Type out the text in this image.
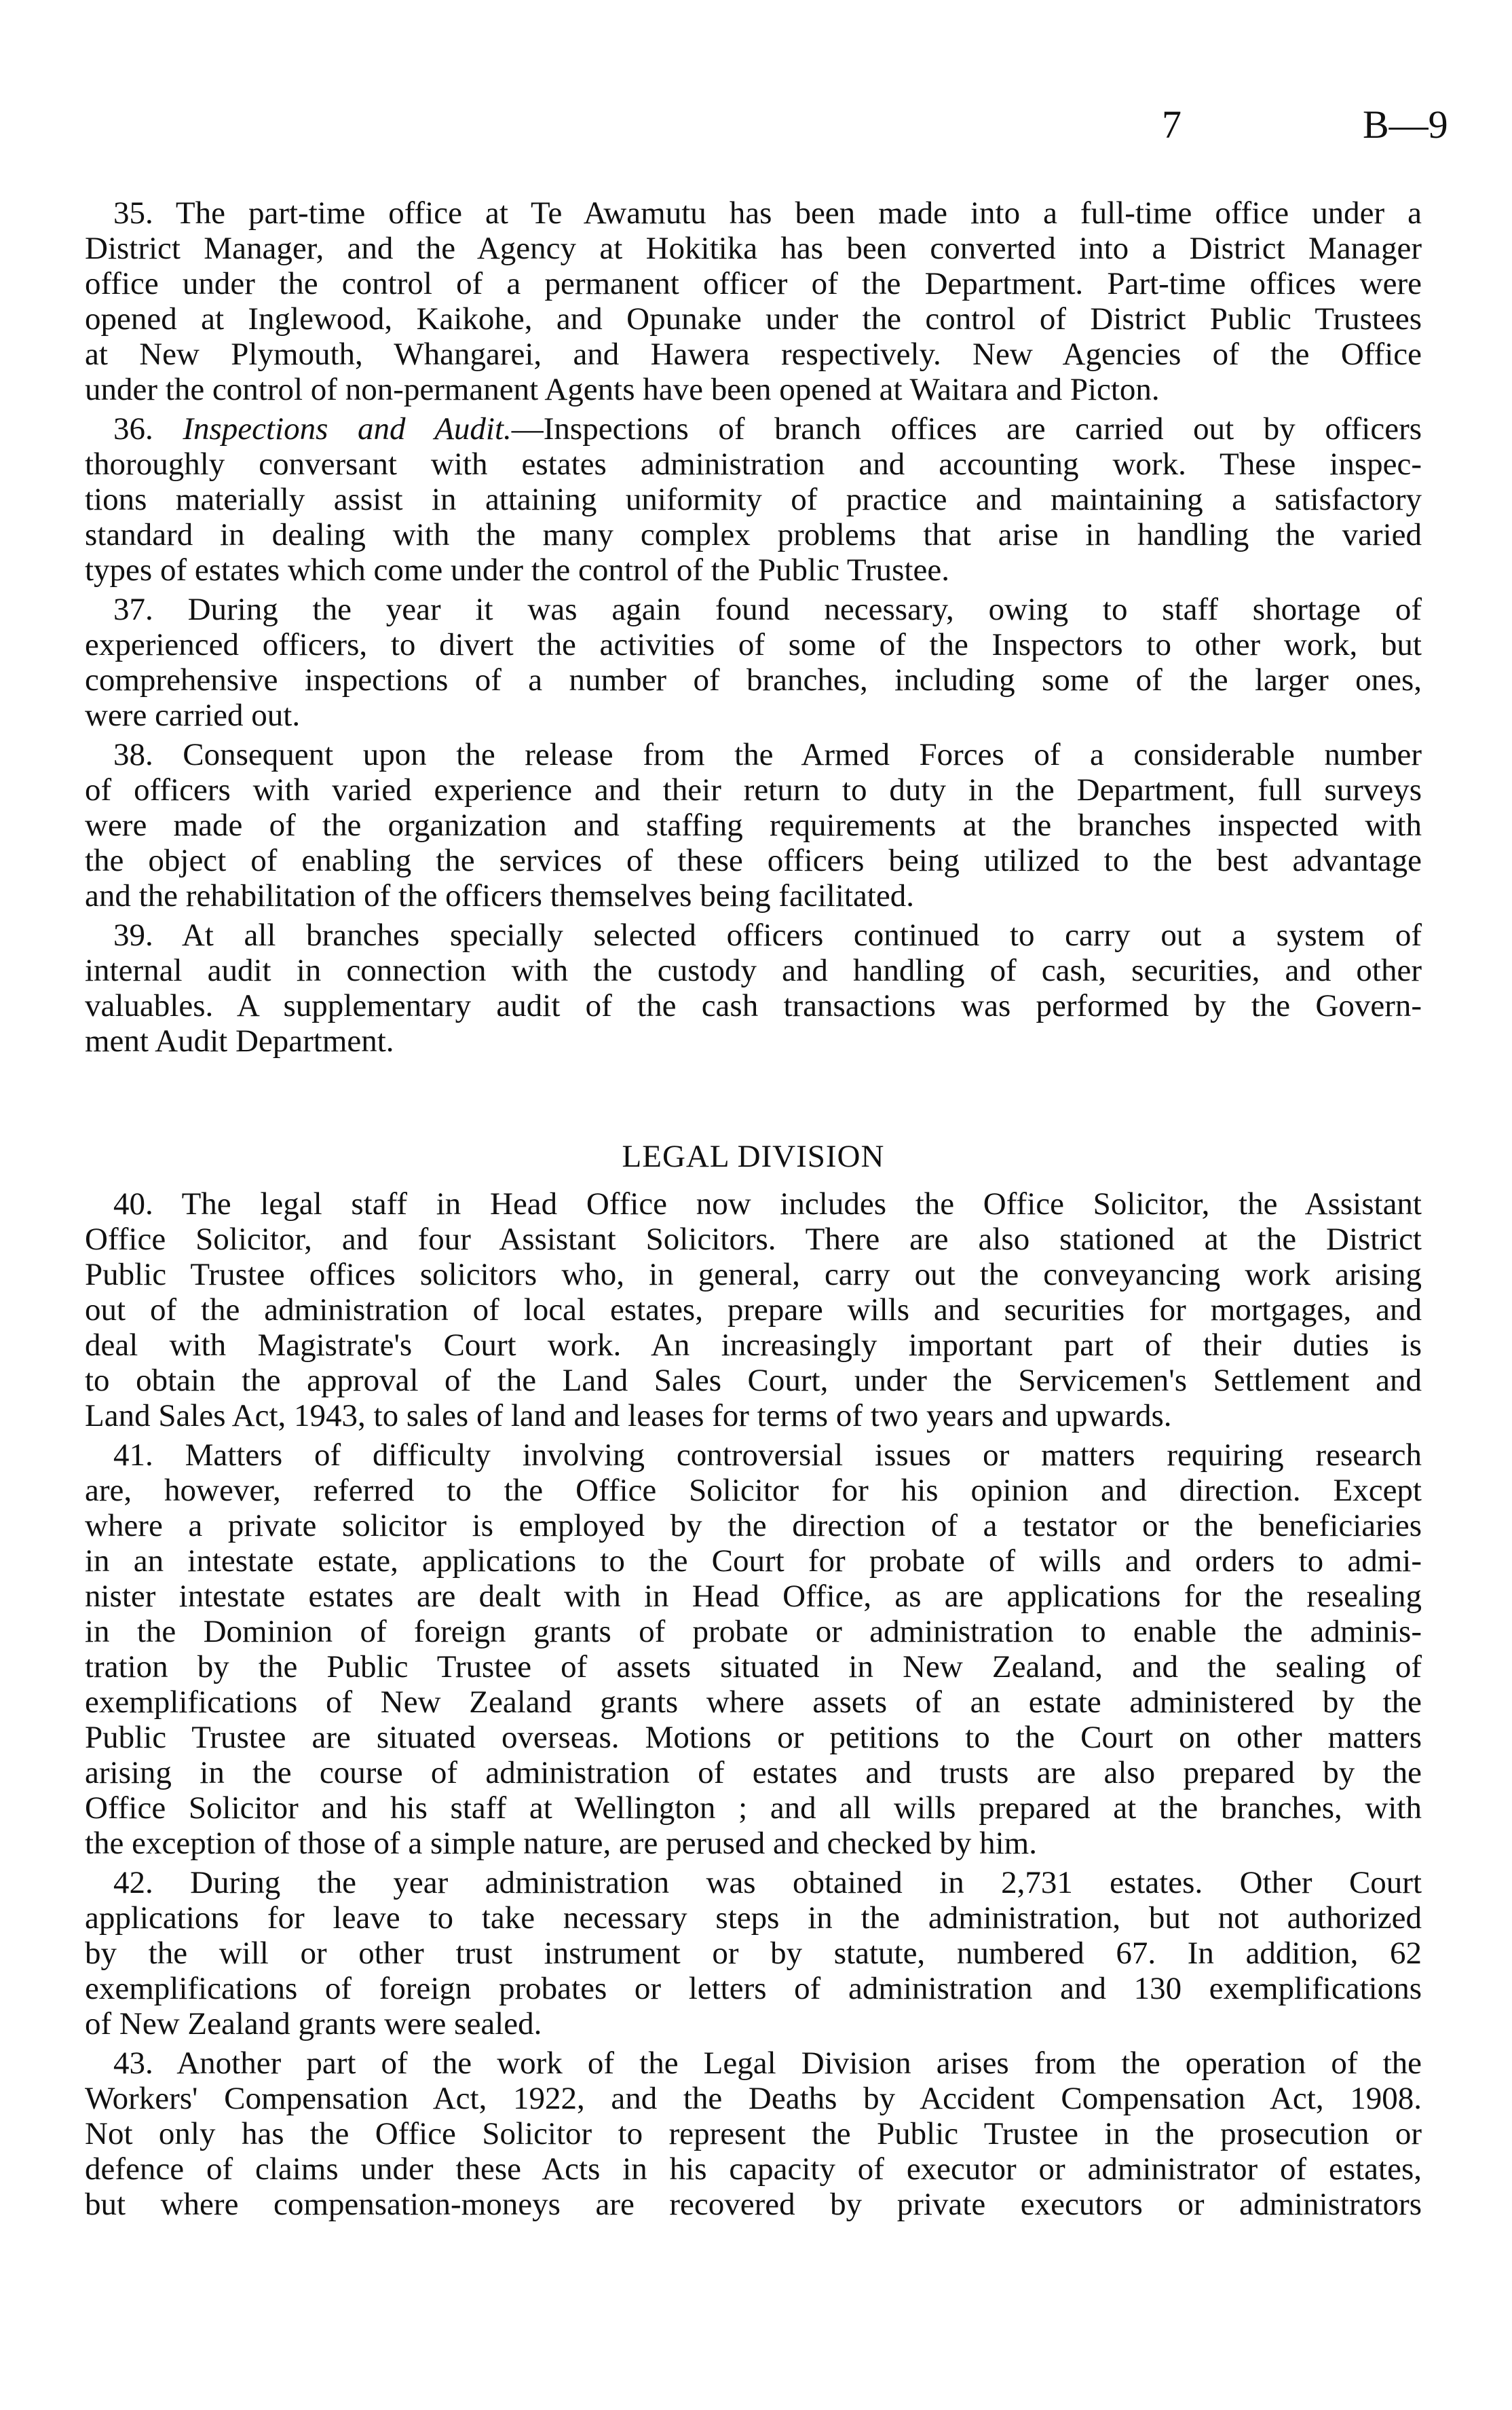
7	B—9
35. The part-time office at Te Awamutu has been made into a full-time office under a
District Manager, and the Agency at Hokitika has been converted into a District Manager
office under the control of a permanent officer of the Department. Part-time offices were
opened at Inglewood, Kaikohe, and Opunake under the control of District Public Trustees
at New Plymouth, Whangarei, and Hawera respectively. New Agencies of the Office
under the control of non-permanent Agents have been opened at Waitara and Picton.
36. Inspections and Audit.—Inspections of branch offices are carried out by officers
thoroughly conversant with estates administration and accounting work. These inspec-
tions materially assist in attaining uniformity of practice and maintaining a satisfactory
standard in dealing with the many complex problems that arise in handling the varied
types of estates which come under the control of the Public Trustee.
37. During the year it was again found necessary, owing to staff shortage of
experienced officers, to divert the activities of some of the Inspectors to other work, but
comprehensive inspections of a number of branches, including some of the larger ones,
were carried out.
38. Consequent upon the release from the Armed Forces of a considerable number
of officers with varied experience and their return to duty in the Department, full surveys
were made of the organization and staffing requirements at the branches inspected with
the object of enabling the services of these officers being utilized to the best advantage
and the rehabilitation of the officers themselves being facilitated.
39. At all branches specially selected officers continued to carry out a system of
internal audit in connection with the custody and handling of cash, securities, and other
valuables. A supplementary audit of the cash transactions was performed by the Govern-
ment Audit Department.
LEGAL DIVISION
40. The legal staff in Head Office now includes the Office Solicitor, the Assistant
Office Solicitor, and four Assistant Solicitors. There are also stationed at the District
Public Trustee offices solicitors who, in general, carry out the conveyancing work arising
out of the administration of local estates, prepare wills and securities for mortgages, and
deal with Magistrate's Court work. An increasingly important part of their duties is
to obtain the approval of the Land Sales Court, under the Servicemen's Settlement and
Land Sales Act, 1943, to sales of land and leases for terms of two years and upwards.
41. Matters of difficulty involving controversial issues or matters requiring research
are, however, referred to the Office Solicitor for his opinion and direction. Except
where a private solicitor is employed by the direction of a testator or the beneficiaries
in an intestate estate, applications to the Court for probate of wills and orders to admi-
nister intestate estates are dealt with in Head Office, as are applications for the resealing
in the Dominion of foreign grants of probate or administration to enable the adminis-
tration by the Public Trustee of assets situated in New Zealand, and the sealing of
exemplifications of New Zealand grants where assets of an estate administered by the
Public Trustee are situated overseas. Motions or petitions to the Court on other matters
arising in the course of administration of estates and trusts are also prepared by the
Office Solicitor and his staff at Wellington ; and all wills prepared at the branches, with
the exception of those of a simple nature, are perused and checked by him.
42. During the year administration was obtained in 2,731 estates. Other Court
applications for leave to take necessary steps in the administration, but not authorized
by the will or other trust instrument or by statute, numbered 67. In addition, 62
exemplifications of foreign probates or letters of administration and 130 exemplifications
of New Zealand grants were sealed.
43. Another part of the work of the Legal Division arises from the operation of the
Workers' Compensation Act, 1922, and the Deaths by Accident Compensation Act, 1908.
Not only has the Office Solicitor to represent the Public Trustee in the prosecution or
defence of claims under these Acts in his capacity of executor or administrator of estates,
but where compensation-moneys are recovered by private executors or administrators
